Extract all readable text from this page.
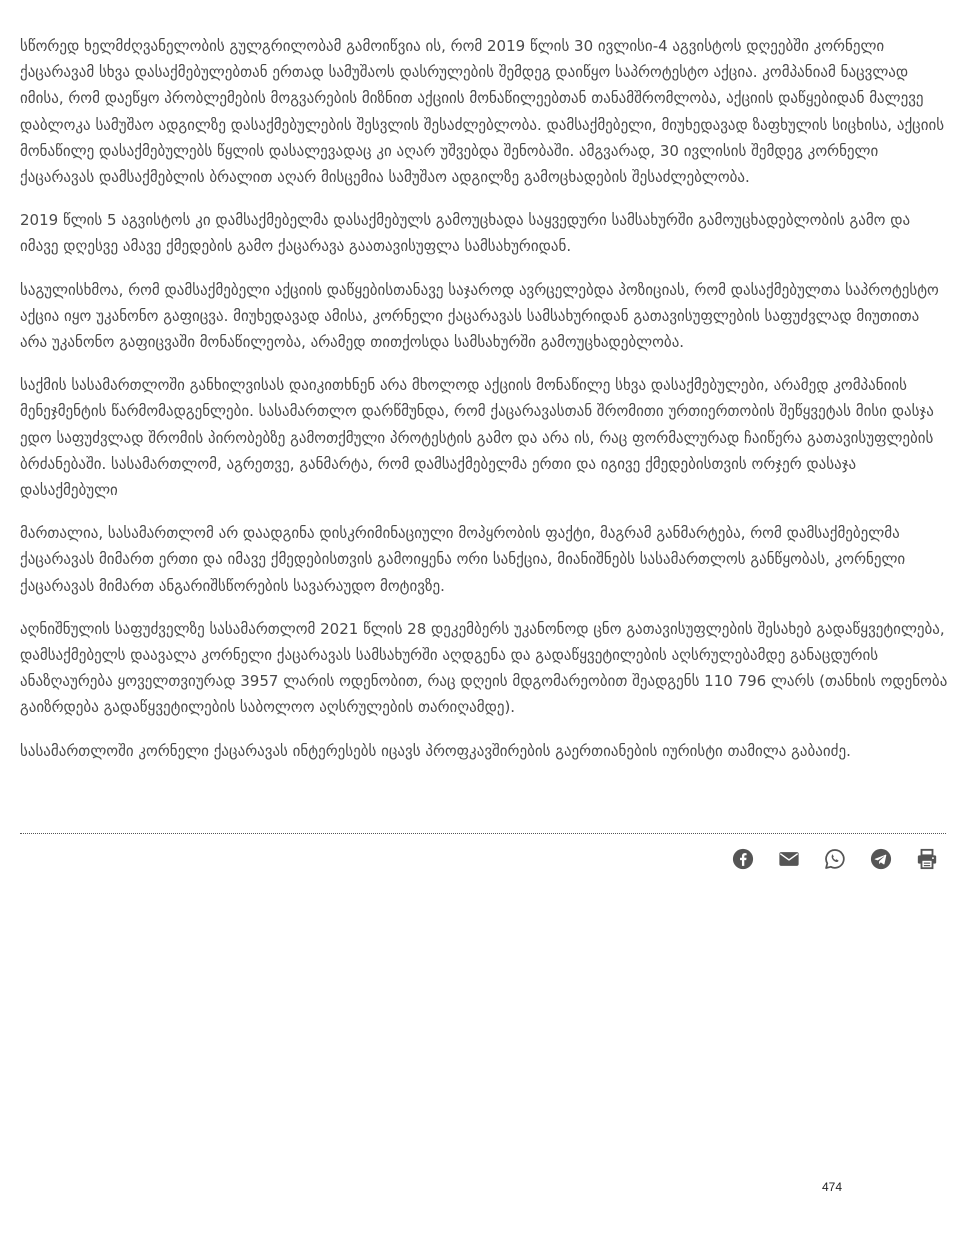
სწორედ ხელმძღვანელობის გულგრილობამ გამოიწვია ის, რომ 2019 წლის 30 ივლისი-4 აგვისტოს დღეებში კორნელი ქაცარავამ სხვა დასაქმებულებთან ერთად სამუშაოს დასრულების შემდეგ დაიწყო საპროტესტო აქცია. კომპანიამ ნაცვლად იმისა, რომ დაეწყო პრობლემების მოგვარების მიზნით აქციის მონაწილეებთან თანამშრომლობა, აქციის დაწყებიდან მალევე დაბლოკა სამუშაო ადგილზე დასაქმებულების შესვლის შესაძლებლობა. დამსაქმებელი, მიუხედავად ზაფხულის სიცხისა, აქციის მონაწილე დასაქმებულებს წყლის დასალევადაც კი აღარ უშვებდა შენობაში. ამგვარად, 30 ივლისის შემდეგ კორნელი ქაცარავას დამსაქმებლის ბრალით აღარ მისცემია სამუშაო ადგილზე გამოცხადების შესაძლებლობა.

2019 წლის 5 აგვისტოს კი დამსაქმებელმა დასაქმებულს გამოუცხადა საყვედური სამსახურში გამოუცხადებლობის გამო და იმავე დღესვე ამავე ქმედების გამო ქაცარავა გაათავისუფლა სამსახურიდან.

საგულისხმოა, რომ დამსაქმებელი აქციის დაწყებისთანავე საჯაროდ ავრცელებდა პოზიციას, რომ დასაქმებულთა საპროტესტო აქცია იყო უკანონო გაფიცვა. მიუხედავად ამისა, კორნელი ქაცარავას სამსახურიდან გათავისუფლების საფუძვლად მიუთითა არა უკანონო გაფიცვაში მონაწილეობა, არამედ თითქოსდა სამსახურში გამოუცხადებლობა.

საქმის სასამართლოში განხილვისას დაიკითხნენ არა მხოლოდ აქციის მონაწილე სხვა დასაქმებულები, არამედ კომპანიის მენეჯმენტის წარმომადგენლები. სასამართლო დარწმუნდა, რომ ქაცარავასთან შრომითი ურთიერთობის შეწყვეტას მისი დასჯა ედო საფუძვლად შრომის პირობებზე გამოთქმული პროტესტის გამო და არა ის, რაც ფორმალურად ჩაიწერა გათავისუფლების ბრძანებაში. სასამართლომ, აგრეთვე, განმარტა, რომ დამსაქმებელმა ერთი და იგივე ქმედებისთვის ორჯერ დასაჯა დასაქმებული

მართალია, სასამართლომ არ დაადგინა დისკრიმინაციული მოპყრობის ფაქტი, მაგრამ განმარტება, რომ დამსაქმებელმა ქაცარავას მიმართ ერთი და იმავე ქმედებისთვის გამოიყენა ორი სანქცია, მიანიშნებს სასამართლოს განწყობას, კორნელი ქაცარავას მიმართ ანგარიშსწორების სავარაუდო მოტივზე.

აღნიშნულის საფუძველზე სასამართლომ 2021 წლის 28 დეკემბერს უკანონოდ ცნო გათავისუფლების შესახებ გადაწყვეტილება, დამსაქმებელს დაავალა კორნელი ქაცარავას სამსახურში აღდგენა და გადაწყვეტილების აღსრულებამდე განაცდურის ანაზღაურება ყოველთვიურად 3957 ლარის ოდენობით, რაც დღეის მდგომარეობით შეადგენს 110 796 ლარს (თანხის ოდენობა გაიზრდება გადაწყვეტილების საბოლოო აღსრულების თარიღამდე).

სასამართლოში კორნელი ქაცარავას ინტერესებს იცავს პროფკავშირების გაერთიანების იურისტი თამილა გაბაიძე.

474
